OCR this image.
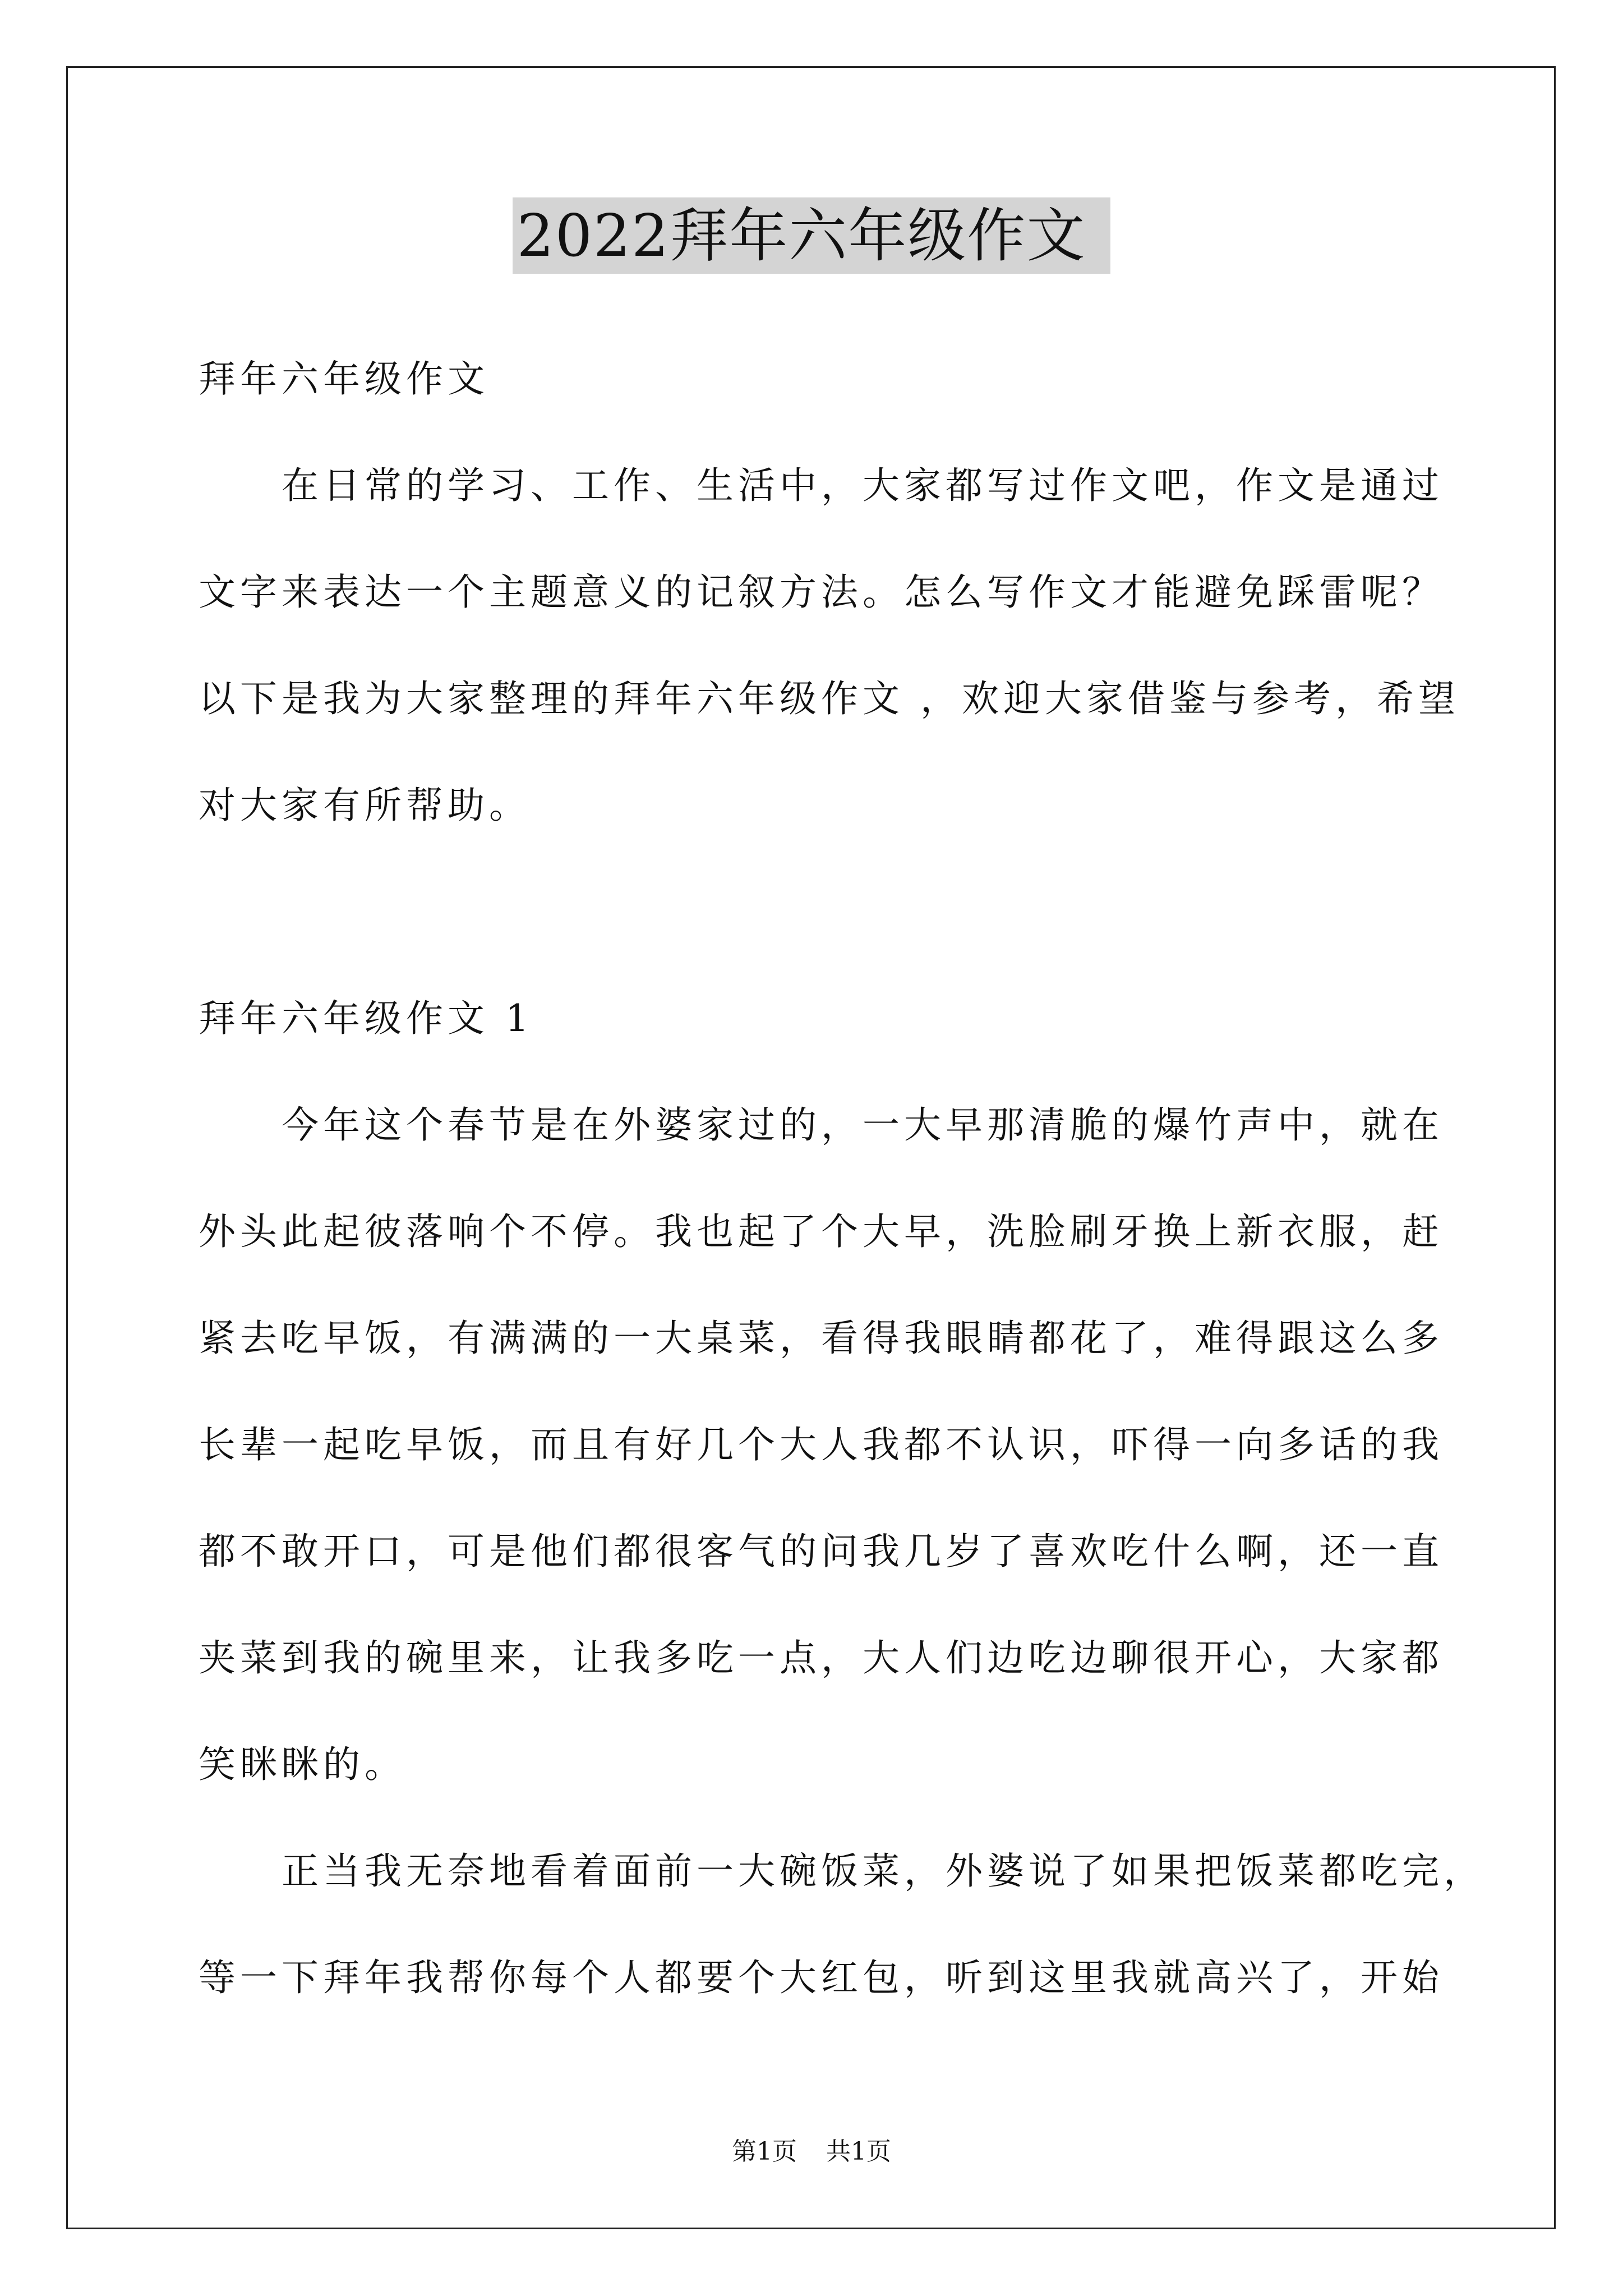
2022拜年六年级作文
拜年六年级作文
在日常的学习、工作、生活中，大家都写过作文吧，作文是通过
文字来表达一个主题意义的记叙方法。怎么写作文才能避免踩雷呢？
以下是我为大家整理的拜年六年级作文 ，欢迎大家借鉴与参考，希望
对大家有所帮助。
拜年六年级作文 1
今年这个春节是在外婆家过的，一大早那清脆的爆竹声中，就在
外头此起彼落响个不停。我也起了个大早，洗脸刷牙换上新衣服，赶
紧去吃早饭，有满满的一大桌菜，看得我眼睛都花了，难得跟这么多
长辈一起吃早饭，而且有好几个大人我都不认识，吓得一向多话的我
都不敢开口，可是他们都很客气的问我几岁了喜欢吃什么啊，还一直
夹菜到我的碗里来，让我多吃一点，大人们边吃边聊很开心，大家都
笑眯眯的。
正当我无奈地看着面前一大碗饭菜，外婆说了如果把饭菜都吃完，
等一下拜年我帮你每个人都要个大红包，听到这里我就高兴了，开始
第1页 共1页
